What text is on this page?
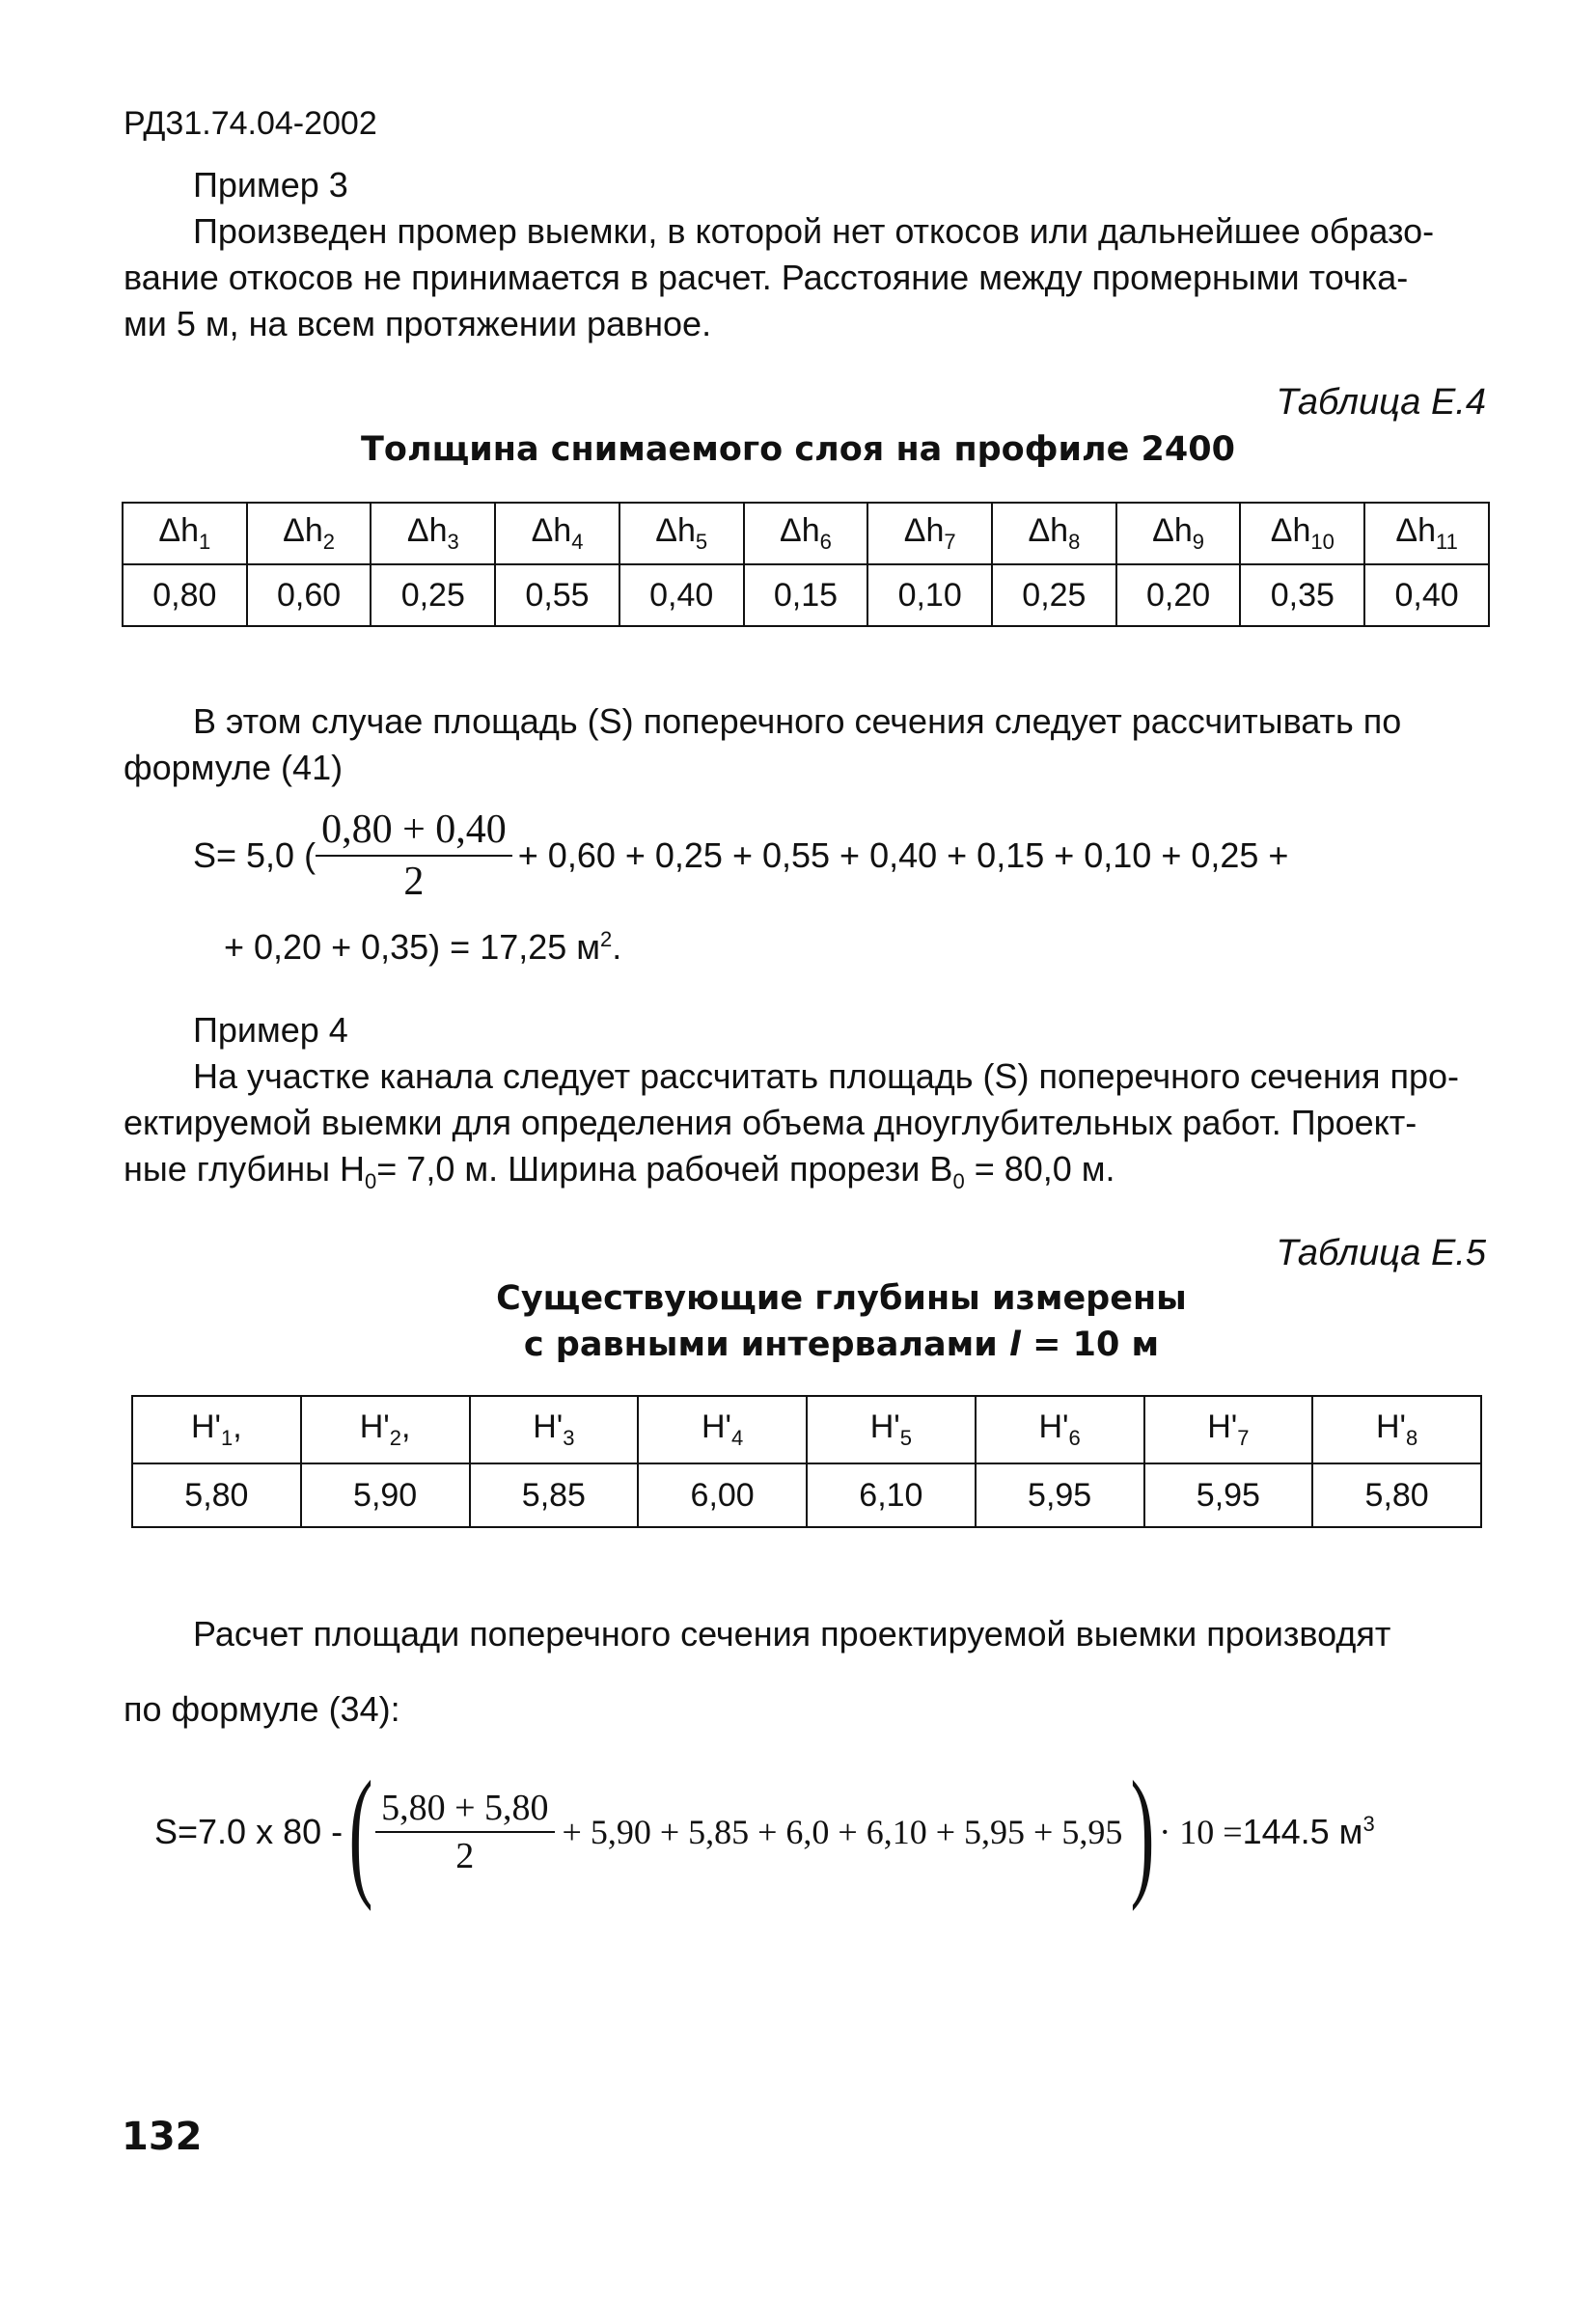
РД31.74.04-2002
Пример 3
Произведен промер выемки, в которой нет откосов или дальнейшее образо-
вание откосов не принимается в расчет. Расстояние между промерными точка-
ми 5 м, на всем протяжении равное.
Таблица Е.4
Толщина снимаемого слоя на профиле 2400
$\Delta h_1$	$\Delta h_2$	$\Delta h_3$	$\Delta h_4$	$\Delta h_5$	$\Delta h_6$	$\Delta h_7$	$\Delta h_8$	$\Delta h_9$	$\Delta h_{10}$	$\Delta h_{11}$
0,80	0,60	0,25	0,55	0,40	0,15	0,10	0,25	0,20	0,35	0,40
В этом случае площадь (S) поперечного сечения следует рассчитывать по
формуле (41)
S= 5,0 ( $\frac{0,80 + 0,40}{2} + 0,60 + 0,25 + 0,55 + 0,40 + 0,15 + 0,10 + 0,25$ +
+ 0,20 + 0,35) = 17,25 $м^2$.
Пример 4
На участке канала следует рассчитать площадь (S) поперечного сечения про-
ектируемой выемки для определения объема дноуглубительных работ. Проект-
ные глубины $H_0= 7,0$ м. Ширина рабочей прорези $B_0 = 80,0$ м.
Таблица Е.5
Существующие глубины измерены
с равными интервалами l = 10 м
$H'_1$,	$H'_2$,	$H'_3$	$H'_4$	$H'_5$	$H'_6$	$H'_7$	$H'_8$
5,80	5,90	5,85	6,00	6,10	5,95	5,95	5,80
Расчет площади поперечного сечения проектируемой выемки производят
по формуле (34):
S=7.0 x 80 - ( $\frac{5,80 + 5,80}{2} + 5,90 + 5,85 + 6,0 + 6,10 + 5,95 + 5,95$ ) · 10 = 144.5 $м^3$
132
